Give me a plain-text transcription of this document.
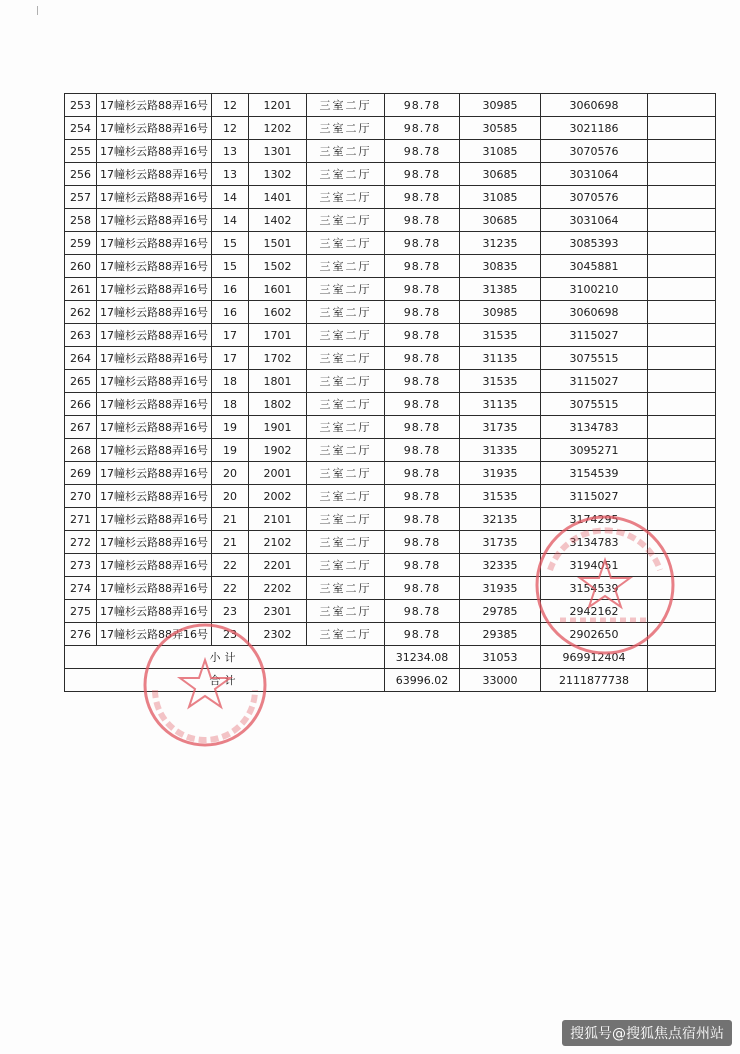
|
253	17幢杉云路88弄16号	12	1201	三室二厅	98.78	30985	3060698	
254	17幢杉云路88弄16号	12	1202	三室二厅	98.78	30585	3021186	
255	17幢杉云路88弄16号	13	1301	三室二厅	98.78	31085	3070576	
256	17幢杉云路88弄16号	13	1302	三室二厅	98.78	30685	3031064	
257	17幢杉云路88弄16号	14	1401	三室二厅	98.78	31085	3070576	
258	17幢杉云路88弄16号	14	1402	三室二厅	98.78	30685	3031064	
259	17幢杉云路88弄16号	15	1501	三室二厅	98.78	31235	3085393	
260	17幢杉云路88弄16号	15	1502	三室二厅	98.78	30835	3045881	
261	17幢杉云路88弄16号	16	1601	三室二厅	98.78	31385	3100210	
262	17幢杉云路88弄16号	16	1602	三室二厅	98.78	30985	3060698	
263	17幢杉云路88弄16号	17	1701	三室二厅	98.78	31535	3115027	
264	17幢杉云路88弄16号	17	1702	三室二厅	98.78	31135	3075515	
265	17幢杉云路88弄16号	18	1801	三室二厅	98.78	31535	3115027	
266	17幢杉云路88弄16号	18	1802	三室二厅	98.78	31135	3075515	
267	17幢杉云路88弄16号	19	1901	三室二厅	98.78	31735	3134783	
268	17幢杉云路88弄16号	19	1902	三室二厅	98.78	31335	3095271	
269	17幢杉云路88弄16号	20	2001	三室二厅	98.78	31935	3154539	
270	17幢杉云路88弄16号	20	2002	三室二厅	98.78	31535	3115027	
271	17幢杉云路88弄16号	21	2101	三室二厅	98.78	32135	3174295	
272	17幢杉云路88弄16号	21	2102	三室二厅	98.78	31735	3134783	
273	17幢杉云路88弄16号	22	2201	三室二厅	98.78	32335	3194051	
274	17幢杉云路88弄16号	22	2202	三室二厅	98.78	31935	3154539	
275	17幢杉云路88弄16号	23	2301	三室二厅	98.78	29785	2942162	
276	17幢杉云路88弄16号	23	2302	三室二厅	98.78	29385	2902650	
小计					31234.08	31053	969912404	
合计					63996.02	33000	2111877738	
搜狐号@搜狐焦点宿州站
